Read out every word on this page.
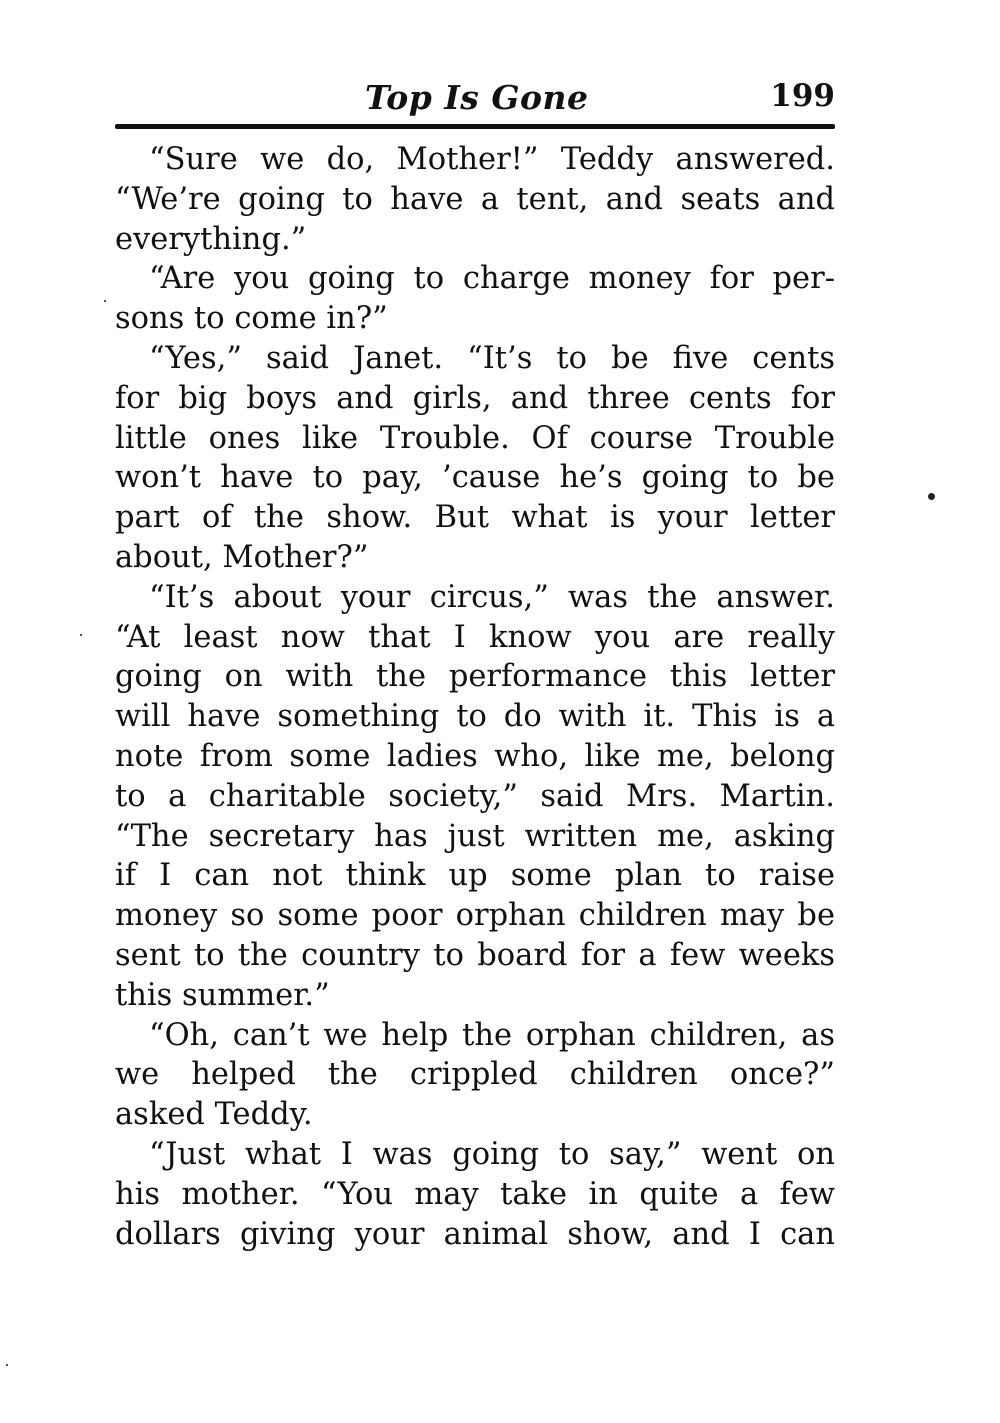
Top Is Gone	199
“Sure we do, Mother!” Teddy answered.
“We’re going to have a tent, and seats and
everything.”
“Are you going to charge money for per-
sons to come in?”
“Yes,” said Janet. “It’s to be five cents
for big boys and girls, and three cents for
little ones like Trouble. Of course Trouble
won’t have to pay, ’cause he’s going to be
part of the show. But what is your letter
about, Mother?”
“It’s about your circus,” was the answer.
“At least now that I know you are really
going on with the performance this letter
will have something to do with it. This is a
note from some ladies who, like me, belong
to a charitable society,” said Mrs. Martin.
“The secretary has just written me, asking
if I can not think up some plan to raise
money so some poor orphan children may be
sent to the country to board for a few weeks
this summer.”
“Oh, can’t we help the orphan children, as
we helped the crippled children once?”
asked Teddy.
“Just what I was going to say,” went on
his mother. “You may take in quite a few
dollars giving your animal show, and I can
